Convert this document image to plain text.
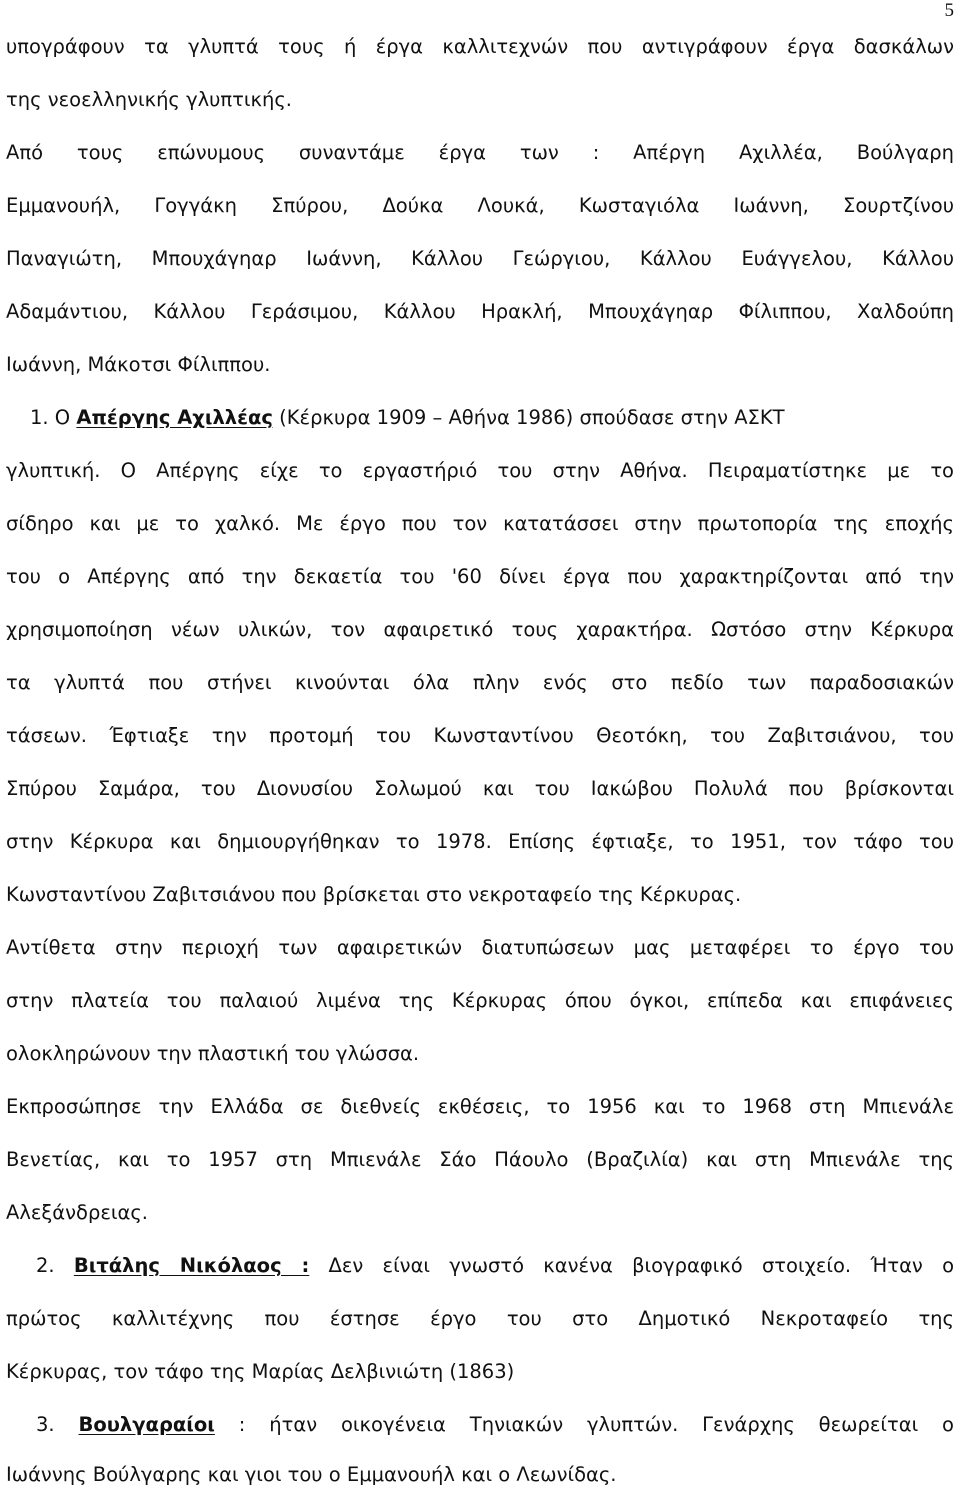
5
υπογράφουν τα γλυπτά τους ή έργα καλλιτεχνών που αντιγράφουν έργα δασκάλων
της νεοελληνικής γλυπτικής.
Από τους επώνυμους συναντάμε έργα των : Απέργη Αχιλλέα, Βούλγαρη
Εμμανουήλ, Γογγάκη Σπύρου, Δούκα Λουκά, Κωσταγιόλα Ιωάννη, Σουρτζίνου
Παναγιώτη, Μπουχάγηαρ Ιωάννη, Κάλλου Γεώργιου, Κάλλου Ευάγγελου, Κάλλου
Αδαμάντιου, Κάλλου Γεράσιμου, Κάλλου Ηρακλή, Μπουχάγηαρ Φίλιππου, Χαλδούπη
Ιωάννη, Μάκοτσι Φίλιππου.
1. Ο Απέργης Αχιλλέας (Κέρκυρα 1909 – Αθήνα 1986) σπούδασε στην ΑΣΚΤ
γλυπτική. Ο Απέργης είχε το εργαστήριό του στην Αθήνα. Πειραματίστηκε με το
σίδηρο και με το χαλκό. Με έργο που τον κατατάσσει στην πρωτοπορία της εποχής
του ο Απέργης από την δεκαετία του '60 δίνει έργα που χαρακτηρίζονται από την
χρησιμοποίηση νέων υλικών, τον αφαιρετικό τους χαρακτήρα. Ωστόσο στην Κέρκυρα
τα γλυπτά που στήνει κινούνται όλα πλην ενός στο πεδίο των παραδοσιακών
τάσεων. Έφτιαξε την προτομή του Κωνσταντίνου Θεοτόκη, του Ζαβιτσιάνου, του
Σπύρου Σαμάρα, του Διονυσίου Σολωμού και του Ιακώβου Πολυλά που βρίσκονται
στην Κέρκυρα και δημιουργήθηκαν το 1978. Επίσης έφτιαξε, το 1951, τον τάφο του
Κωνσταντίνου Ζαβιτσιάνου που βρίσκεται στο νεκροταφείο της Κέρκυρας.
Αντίθετα στην περιοχή των αφαιρετικών διατυπώσεων μας μεταφέρει το έργο του
στην πλατεία του παλαιού λιμένα της Κέρκυρας όπου όγκοι, επίπεδα και επιφάνειες
ολοκληρώνουν την πλαστική του γλώσσα.
Εκπροσώπησε την Ελλάδα σε διεθνείς εκθέσεις, το 1956 και το 1968 στη Μπιενάλε
Βενετίας, και το 1957 στη Μπιενάλε Σάο Πάουλο (Βραζιλία) και στη Μπιενάλε της
Αλεξάνδρειας.
2. Βιτάλης Νικόλαος : Δεν είναι γνωστό κανένα βιογραφικό στοιχείο. Ήταν ο
πρώτος καλλιτέχνης που έστησε έργο του στο Δημοτικό Νεκροταφείο της
Κέρκυρας, τον τάφο της Μαρίας Δελβινιώτη (1863)
3. Βουλγαραίοι : ήταν οικογένεια Τηνιακών γλυπτών. Γενάρχης θεωρείται ο
Ιωάννης Βούλγαρης και γιοι του ο Εμμανουήλ και ο Λεωνίδας.
